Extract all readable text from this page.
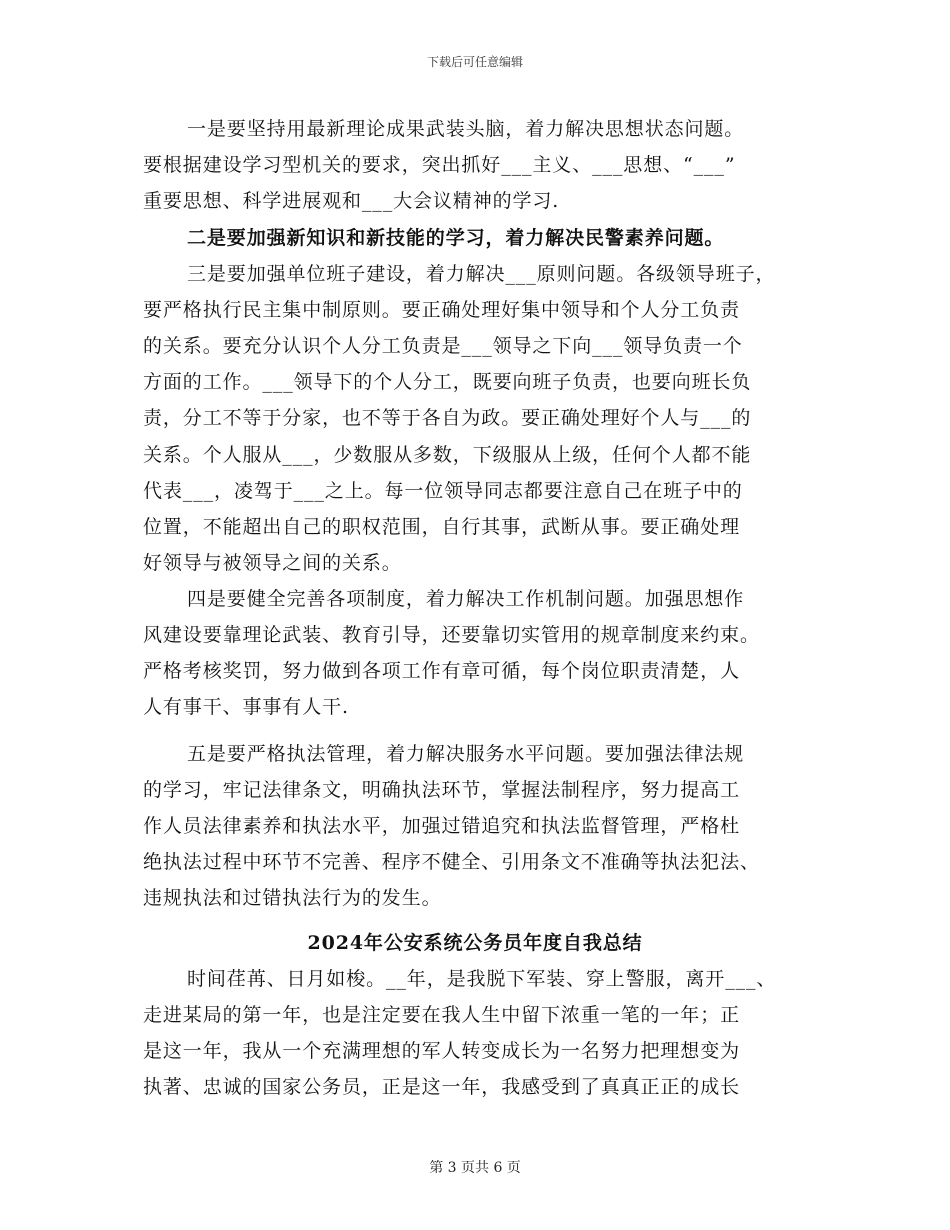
下载后可任意编辑
一是要坚持用最新理论成果武装头脑，着力解决思想状态问题。
要根据建设学习型机关的要求，突出抓好___主义、___思想、“___”
重要思想、科学进展观和___大会议精神的学习.
二是要加强新知识和新技能的学习，着力解决民警素养问题。
三是要加强单位班子建设，着力解决___原则问题。各级领导班子，
要严格执行民主集中制原则。要正确处理好集中领导和个人分工负责
的关系。要充分认识个人分工负责是___领导之下向___领导负责一个
方面的工作。___领导下的个人分工，既要向班子负责，也要向班长负
责，分工不等于分家，也不等于各自为政。要正确处理好个人与___的
关系。个人服从___，少数服从多数，下级服从上级，任何个人都不能
代表___，凌驾于___之上。每一位领导同志都要注意自己在班子中的
位置，不能超出自己的职权范围，自行其事，武断从事。要正确处理
好领导与被领导之间的关系。
四是要健全完善各项制度，着力解决工作机制问题。加强思想作
风建设要靠理论武装、教育引导，还要靠切实管用的规章制度来约束。
严格考核奖罚，努力做到各项工作有章可循，每个岗位职责清楚，人
人有事干、事事有人干.
五是要严格执法管理，着力解决服务水平问题。要加强法律法规
的学习，牢记法律条文，明确执法环节，掌握法制程序，努力提高工
作人员法律素养和执法水平，加强过错追究和执法监督管理，严格杜
绝执法过程中环节不完善、程序不健全、引用条文不准确等执法犯法、
违规执法和过错执法行为的发生。
2024年公安系统公务员年度自我总结
时间荏苒、日月如梭。__年，是我脱下军装、穿上警服，离开___、
走进某局的第一年，也是注定要在我人生中留下浓重一笔的一年；正
是这一年，我从一个充满理想的军人转变成长为一名努力把理想变为
执著、忠诚的国家公务员，正是这一年，我感受到了真真正正的成长
第 3 页共 6 页
